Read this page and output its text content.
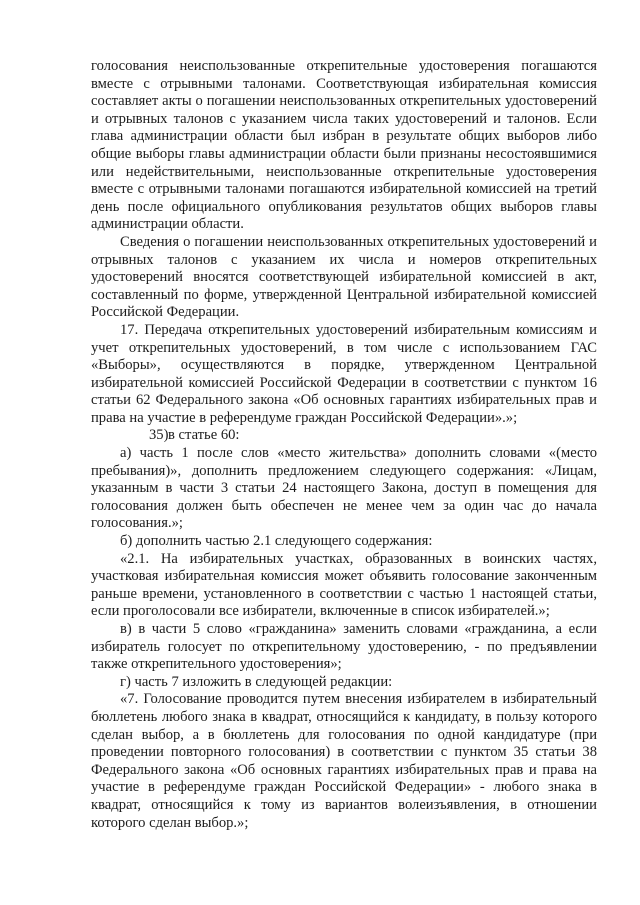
голосования неиспользованные открепительные удостоверения погашаются вместе с отрывными талонами. Соответствующая избирательная комиссия составляет акты о погашении неиспользованных открепительных удостоверений и отрывных талонов с указанием числа таких удостоверений и талонов. Если глава администрации области был избран в результате общих выборов либо общие выборы главы администрации области были признаны несостоявшимися или недействительными, неиспользованные открепительные удостоверения вместе с отрывными талонами погашаются избирательной комиссией на третий день после официального опубликования результатов общих выборов главы администрации области.

Сведения о погашении неиспользованных открепительных удостоверений и отрывных талонов с указанием их числа и номеров открепительных удостоверений вносятся соответствующей избирательной комиссией в акт, составленный по форме, утвержденной Центральной избирательной комиссией Российской Федерации.

17. Передача открепительных удостоверений избирательным комиссиям и учет открепительных удостоверений, в том числе с использованием ГАС «Выборы», осуществляются в порядке, утвержденном Центральной избирательной комиссией Российской Федерации в соответствии с пунктом 16 статьи 62 Федерального закона «Об основных гарантиях избирательных прав и права на участие в референдуме граждан Российской Федерации».»;

35)в статье 60:

а) часть 1 после слов «место жительства» дополнить словами «(место пребывания)», дополнить предложением следующего содержания: «Лицам, указанным в части 3 статьи 24 настоящего Закона, доступ в помещения для голосования должен быть обеспечен не менее чем за один час до начала голосования.»;

б) дополнить частью 2.1 следующего содержания:

«2.1. На избирательных участках, образованных в воинских частях, участковая избирательная комиссия может объявить голосование законченным раньше времени, установленного в соответствии с частью 1 настоящей статьи, если проголосовали все избиратели, включенные в список избирателей.»;

в) в части 5 слово «гражданина» заменить словами «гражданина, а если избиратель голосует по открепительному удостоверению, - по предъявлении также открепительного удостоверения»;

г) часть 7 изложить в следующей редакции:

«7. Голосование проводится путем внесения избирателем в избирательный бюллетень любого знака в квадрат, относящийся к кандидату, в пользу которого сделан выбор, а в бюллетень для голосования по одной кандидатуре (при проведении повторного голосования) в соответствии с пунктом 35 статьи 38 Федерального закона «Об основных гарантиях избирательных прав и права на участие в референдуме граждан Российской Федерации» - любого знака в квадрат, относящийся к тому из вариантов волеизъявления, в отношении которого сделан выбор.»;
